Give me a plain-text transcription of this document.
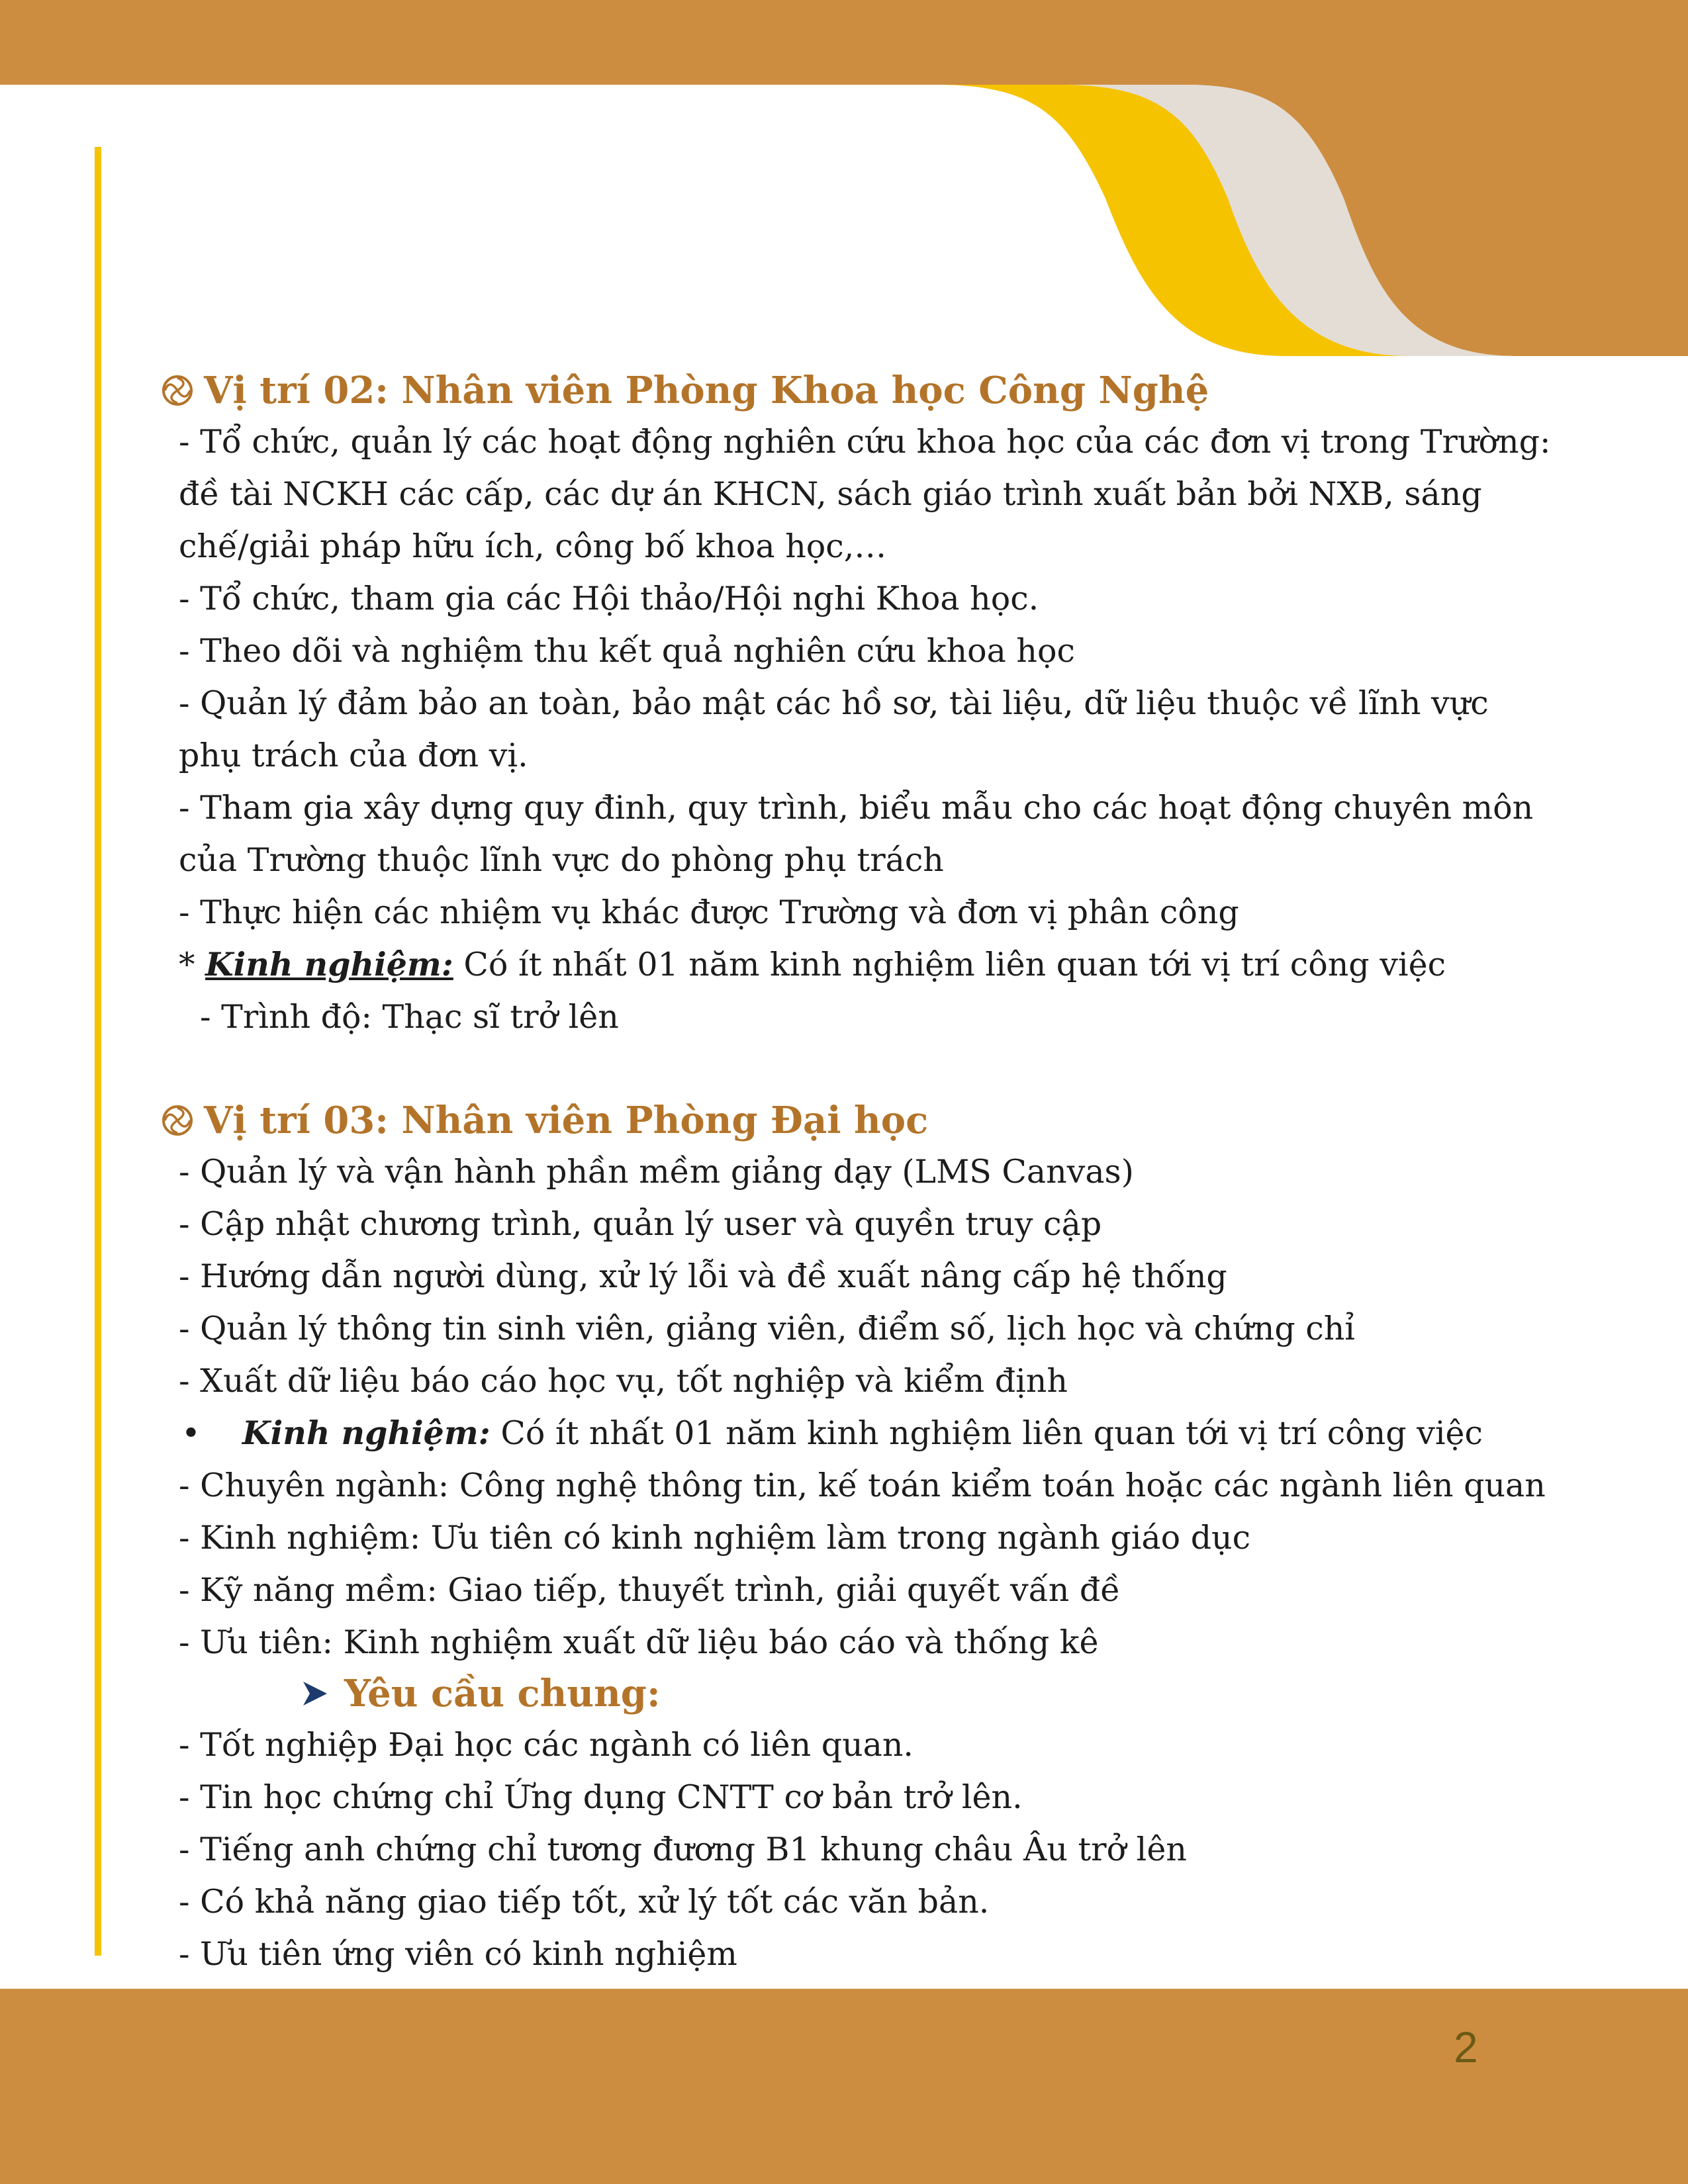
Vị trí 02: Nhân viên Phòng Khoa học Công Nghệ
- Tổ chức, quản lý các hoạt động nghiên cứu khoa học của các đơn vị trong Trường: đề tài NCKH các cấp, các dự án KHCN, sách giáo trình xuất bản bởi NXB, sáng chế/giải pháp hữu ích, công bố khoa học,…
- Tổ chức, tham gia các Hội thảo/Hội nghi Khoa học.
- Theo dõi và nghiệm thu kết quả nghiên cứu khoa học
- Quản lý đảm bảo an toàn, bảo mật các hồ sơ, tài liệu, dữ liệu thuộc về lĩnh vực phụ trách của đơn vị.
- Tham gia xây dựng quy đinh, quy trình, biểu mẫu cho các hoạt động chuyên môn của Trường thuộc lĩnh vực do phòng phụ trách
- Thực hiện các nhiệm vụ khác được Trường và đơn vị phân công
* Kinh nghiệm: Có ít nhất 01 năm kinh nghiệm liên quan tới vị trí công việc
- Trình độ: Thạc sĩ trở lên
Vị trí 03: Nhân viên Phòng Đại học
- Quản lý và vận hành phần mềm giảng dạy (LMS Canvas)
- Cập nhật chương trình, quản lý user và quyền truy cập
- Hướng dẫn người dùng, xử lý lỗi và đề xuất nâng cấp hệ thống
- Quản lý thông tin sinh viên, giảng viên, điểm số, lịch học và chứng chỉ
- Xuất dữ liệu báo cáo học vụ, tốt nghiệp và kiểm định
• Kinh nghiệm: Có ít nhất 01 năm kinh nghiệm liên quan tới vị trí công việc
- Chuyên ngành: Công nghệ thông tin, kế toán kiểm toán hoặc các ngành liên quan
- Kinh nghiệm: Ưu tiên có kinh nghiệm làm trong ngành giáo dục
- Kỹ năng mềm: Giao tiếp, thuyết trình, giải quyết vấn đề
- Ưu tiên: Kinh nghiệm xuất dữ liệu báo cáo và thống kê
Yêu cầu chung:
- Tốt nghiệp Đại học các ngành có liên quan.
- Tin học chứng chỉ Ứng dụng CNTT cơ bản trở lên.
- Tiếng anh chứng chỉ tương đương B1 khung châu Âu trở lên
- Có khả năng giao tiếp tốt, xử lý tốt các văn bản.
- Ưu tiên ứng viên có kinh nghiệm
2
